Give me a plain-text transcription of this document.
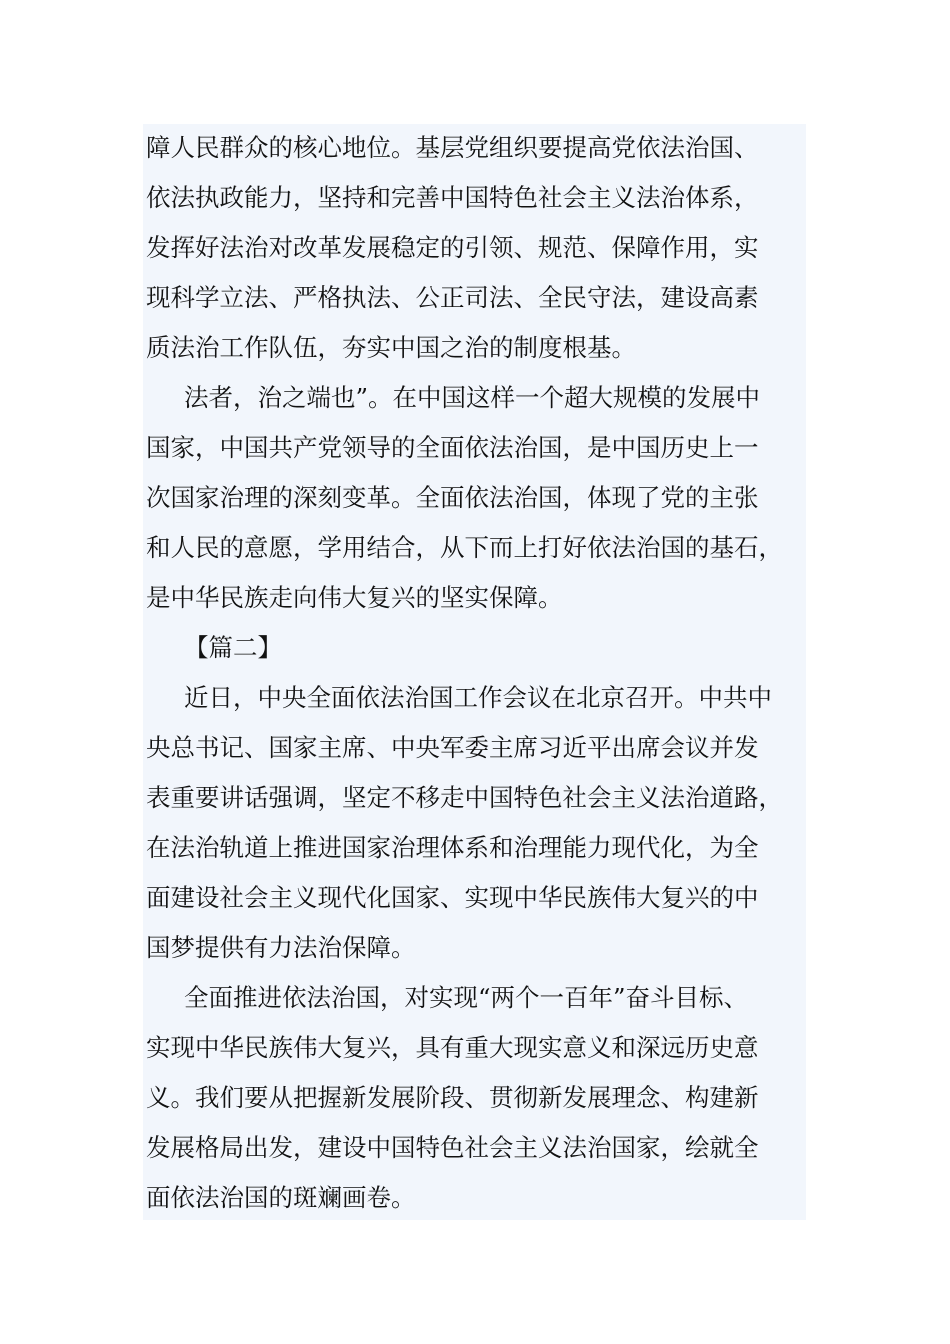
障人民群众的核心地位。基层党组织要提高党依法治国、
依法执政能力，坚持和完善中国特色社会主义法治体系，
发挥好法治对改革发展稳定的引领、规范、保障作用，实
现科学立法、严格执法、公正司法、全民守法，建设高素
质法治工作队伍，夯实中国之治的制度根基。
法者，治之端也”。在中国这样一个超大规模的发展中
国家，中国共产党领导的全面依法治国，是中国历史上一
次国家治理的深刻变革。全面依法治国，体现了党的主张
和人民的意愿，学用结合，从下而上打好依法治国的基石，
是中华民族走向伟大复兴的坚实保障。
【篇二】
近日，中央全面依法治国工作会议在北京召开。中共中
央总书记、国家主席、中央军委主席习近平出席会议并发
表重要讲话强调，坚定不移走中国特色社会主义法治道路，
在法治轨道上推进国家治理体系和治理能力现代化，为全
面建设社会主义现代化国家、实现中华民族伟大复兴的中
国梦提供有力法治保障。
全面推进依法治国，对实现“两个一百年”奋斗目标、
实现中华民族伟大复兴，具有重大现实意义和深远历史意
义。我们要从把握新发展阶段、贯彻新发展理念、构建新
发展格局出发，建设中国特色社会主义法治国家，绘就全
面依法治国的斑斓画卷。
